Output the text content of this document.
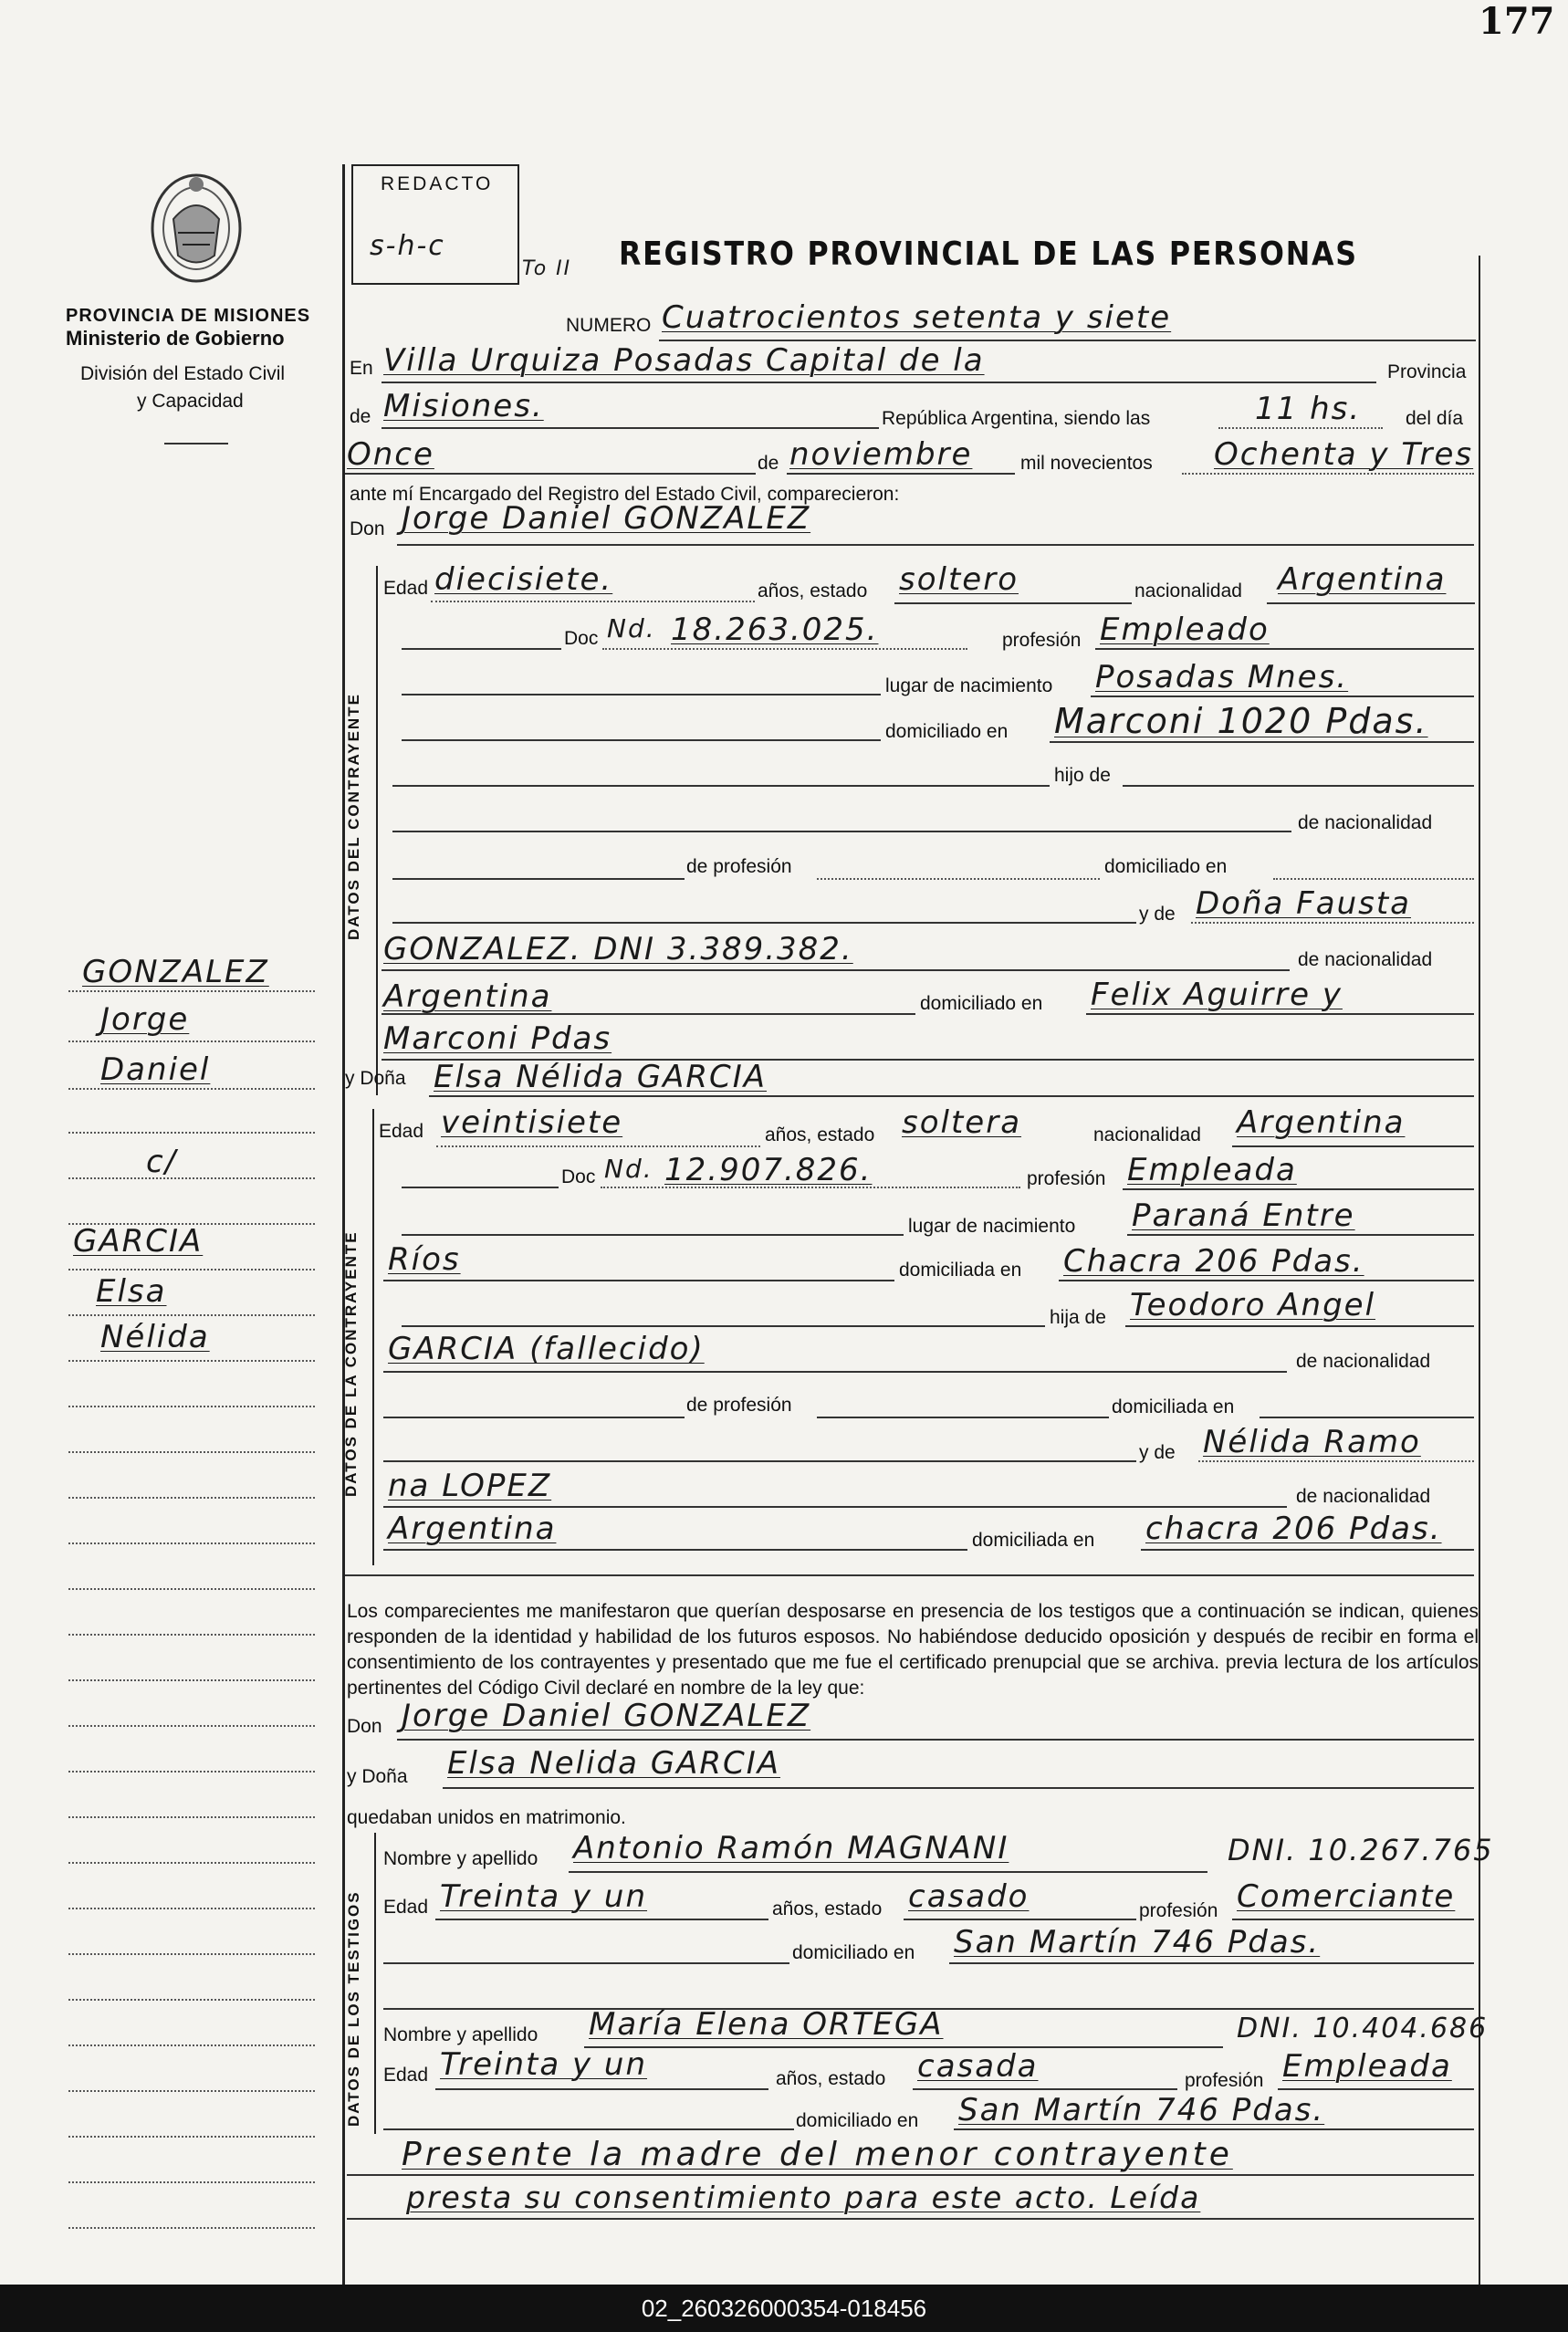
177
PROVINCIA DE MISIONES
Ministerio de Gobierno
División del Estado Civil
y Capacidad
GONZALEZ
Jorge
Daniel
c/
GARCIA
Elsa
Nélida
REDACTO
s-h-c
To II REGISTRO PROVINCIAL DE LAS PERSONAS
NUMERO Cuatrocientos setenta y siete
En Villa Urquiza Posadas Capital de la	Provincia
de Misiones.	República Argentina, siendo las	11 hs. del día
Once	de noviembre	mil novecientos Ochenta y Tres
ante mí Encargado del Registro del Estado Civil, comparecieron:
Don Jorge Daniel GONZALEZ
DATOS DEL CONTRAYENTE
Edad diecisiete.	años, estado soltero	nacionalidad Argentina
Doc Nd. 18.263.025.	profesión Empleado
lugar de nacimiento Posadas Mnes.
domiciliado en Marconi 1020 Pdas.
hijo de
de nacionalidad
de profesión	domiciliado en
y de Doña Fausta
GONZALEZ. DNI 3.389.382.	de nacionalidad
Argentina	domiciliado en Felix Aguirre y
Marconi Pdas
y Doña Elsa Nélida GARCIA
DATOS DE LA CONTRAYENTE
Edad veintisiete	años, estado soltera	nacionalidad Argentina
Doc Nd. 12.907.826.	profesión Empleada
lugar de nacimiento Paraná Entre
Ríos	domiciliada en Chacra 206 Pdas.
hija de Teodoro Angel
GARCIA (fallecido)	de nacionalidad
de profesión	domiciliada en
y de Nélida Ramo
na LOPEZ	de nacionalidad
Argentina	domiciliada en chacra 206 Pdas.
Los comparecientes me manifestaron que querían desposarse en presencia de los testigos que a continuación se indican, quienes responden de la identidad y habilidad de los futuros esposos. No habiéndose deducido oposición y después de recibir en forma el consentimiento de los contrayentes y presentado que me fue el certificado prenupcial que se archiva. previa lectura de los artículos pertinentes del Código Civil declaré en nombre de la ley que:
Don Jorge Daniel GONZALEZ
y Doña Elsa Nelida GARCIA
quedaban unidos en matrimonio.
DATOS DE LOS TESTIGOS
Nombre y apellido Antonio Ramón MAGNANI	DNI. 10.267.765
Edad Treinta y un	años, estado casado	profesión Comerciante
domiciliado en San Martín 746 Pdas.
Nombre y apellido María Elena ORTEGA	DNI. 10.404.686
Edad Treinta y un	años, estado casada	profesión Empleada
domiciliado en San Martín 746 Pdas.
Presente la madre del menor contrayente
presta su consentimiento para este acto. Leída
02_260326000354-018456
